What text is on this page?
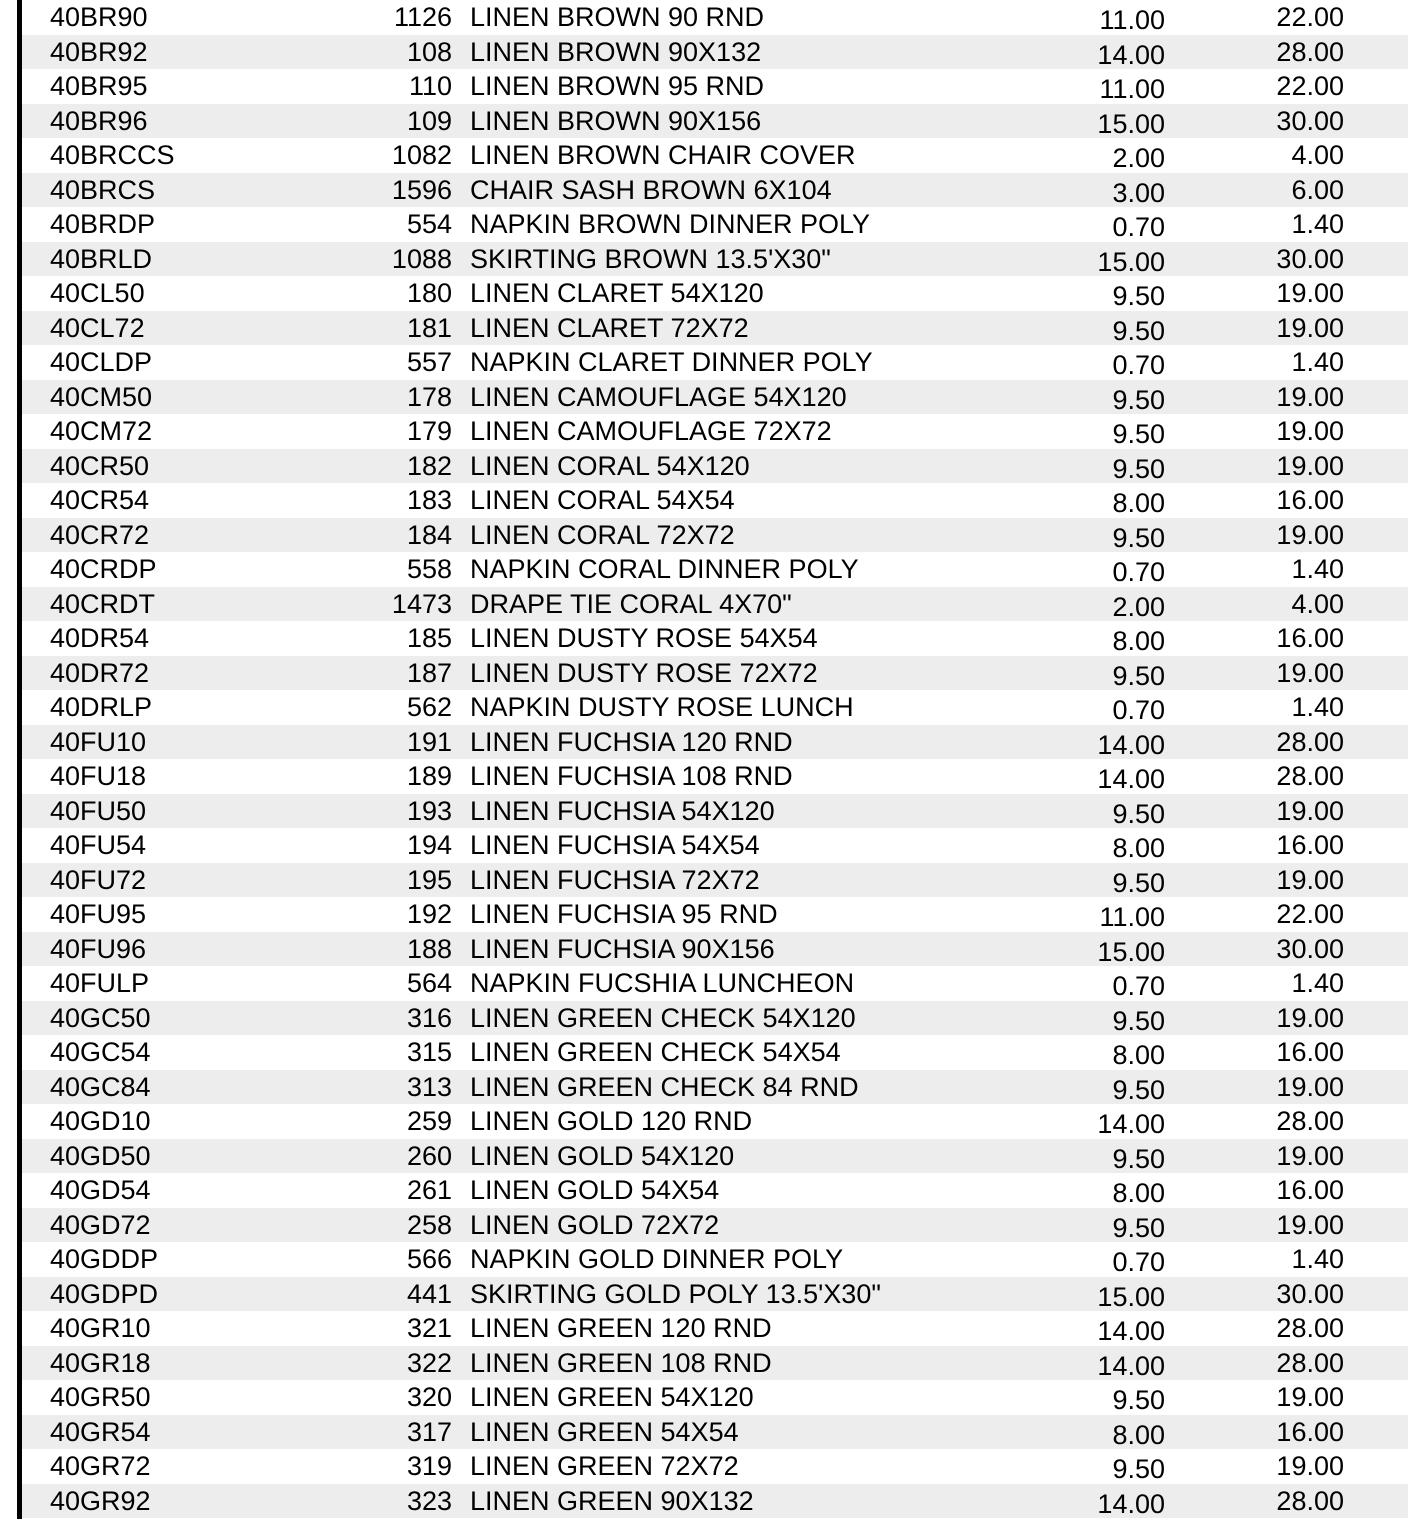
40BR90	1126 LINEN BROWN 90 RND	11.00	22.00
40BR92	108 LINEN BROWN 90X132	14.00	28.00
40BR95	110 LINEN BROWN 95 RND	11.00	22.00
40BR96	109 LINEN BROWN 90X156	15.00	30.00
40BRCCS	1082 LINEN BROWN CHAIR COVER	2.00	4.00
40BRCS	1596 CHAIR SASH BROWN 6X104	3.00	6.00
40BRDP	554 NAPKIN BROWN DINNER POLY	0.70	1.40
40BRLD	1088 SKIRTING BROWN 13.5'X30"	15.00	30.00
40CL50	180 LINEN CLARET 54X120	9.50	19.00
40CL72	181 LINEN CLARET 72X72	9.50	19.00
40CLDP	557 NAPKIN CLARET DINNER POLY	0.70	1.40
40CM50	178 LINEN CAMOUFLAGE 54X120	9.50	19.00
40CM72	179 LINEN CAMOUFLAGE 72X72	9.50	19.00
40CR50	182 LINEN CORAL 54X120	9.50	19.00
40CR54	183 LINEN CORAL 54X54	8.00	16.00
40CR72	184 LINEN CORAL 72X72	9.50	19.00
40CRDP	558 NAPKIN CORAL DINNER POLY	0.70	1.40
40CRDT	1473 DRAPE TIE CORAL 4X70"	2.00	4.00
40DR54	185 LINEN DUSTY ROSE 54X54	8.00	16.00
40DR72	187 LINEN DUSTY ROSE 72X72	9.50	19.00
40DRLP	562 NAPKIN DUSTY ROSE LUNCH	0.70	1.40
40FU10	191 LINEN FUCHSIA 120 RND	14.00	28.00
40FU18	189 LINEN FUCHSIA 108 RND	14.00	28.00
40FU50	193 LINEN FUCHSIA 54X120	9.50	19.00
40FU54	194 LINEN FUCHSIA 54X54	8.00	16.00
40FU72	195 LINEN FUCHSIA 72X72	9.50	19.00
40FU95	192 LINEN FUCHSIA 95 RND	11.00	22.00
40FU96	188 LINEN FUCHSIA 90X156	15.00	30.00
40FULP	564 NAPKIN FUCSHIA LUNCHEON	0.70	1.40
40GC50	316 LINEN GREEN CHECK 54X120	9.50	19.00
40GC54	315 LINEN GREEN CHECK 54X54	8.00	16.00
40GC84	313 LINEN GREEN CHECK 84 RND	9.50	19.00
40GD10	259 LINEN GOLD 120 RND	14.00	28.00
40GD50	260 LINEN GOLD 54X120	9.50	19.00
40GD54	261 LINEN GOLD 54X54	8.00	16.00
40GD72	258 LINEN GOLD 72X72	9.50	19.00
40GDDP	566 NAPKIN GOLD DINNER POLY	0.70	1.40
40GDPD	441 SKIRTING GOLD POLY 13.5'X30"	15.00	30.00
40GR10	321 LINEN GREEN 120 RND	14.00	28.00
40GR18	322 LINEN GREEN 108 RND	14.00	28.00
40GR50	320 LINEN GREEN 54X120	9.50	19.00
40GR54	317 LINEN GREEN 54X54	8.00	16.00
40GR72	319 LINEN GREEN 72X72	9.50	19.00
40GR92	323 LINEN GREEN 90X132	14.00	28.00
